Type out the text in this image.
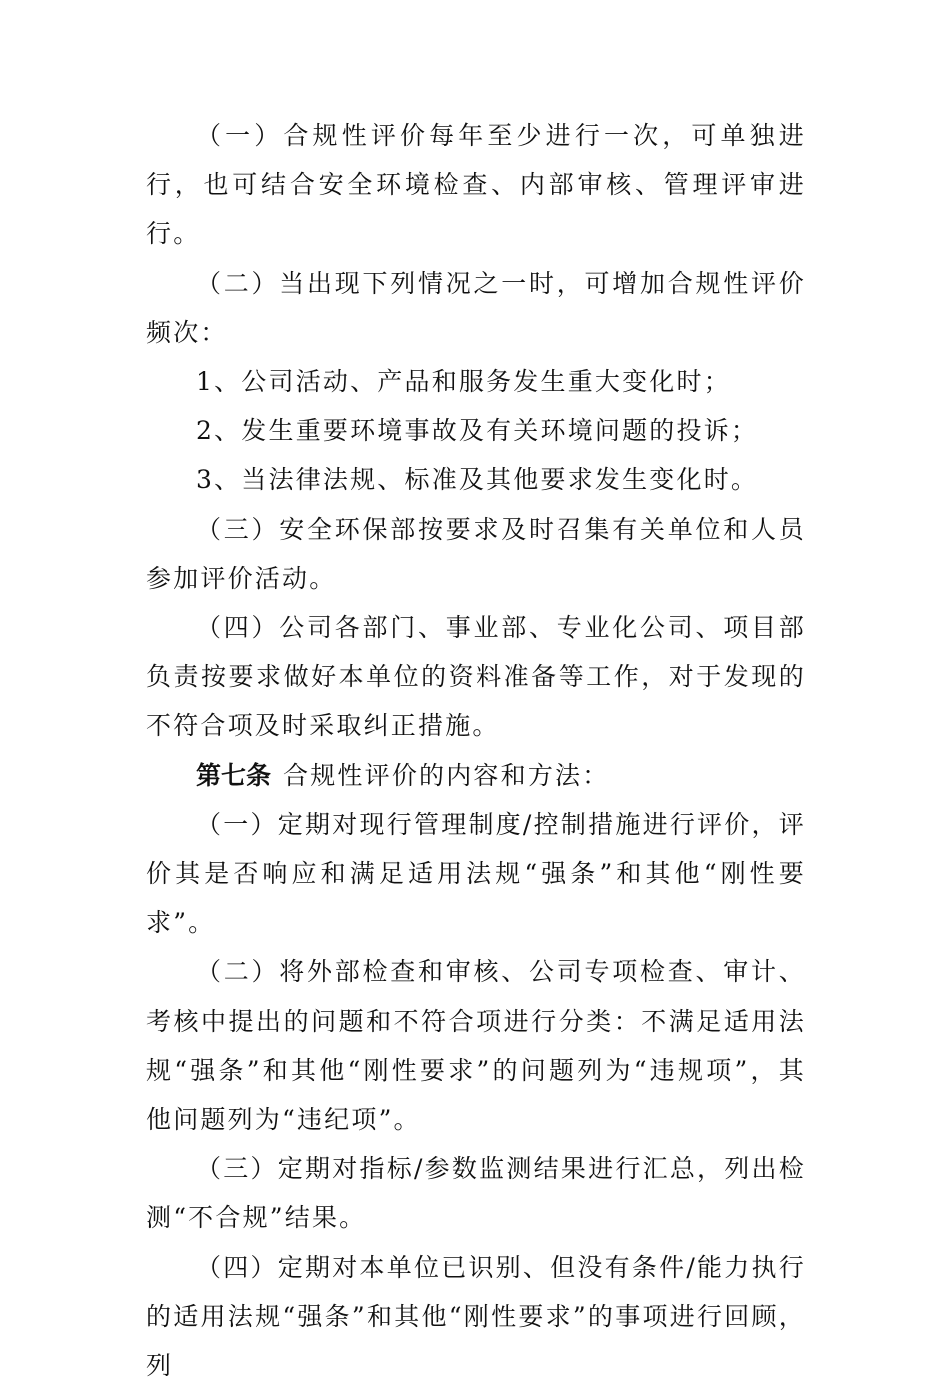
（一）合规性评价每年至少进行一次，可单独进行，也可结合安全环境检查、内部审核、管理评审进行。

（二）当出现下列情况之一时，可增加合规性评价频次：

1、公司活动、产品和服务发生重大变化时；

2、发生重要环境事故及有关环境问题的投诉；

3、当法律法规、标准及其他要求发生变化时。

（三）安全环保部按要求及时召集有关单位和人员参加评价活动。

（四）公司各部门、事业部、专业化公司、项目部负责按要求做好本单位的资料准备等工作，对于发现的不符合项及时采取纠正措施。

第七条 合规性评价的内容和方法：

（一）定期对现行管理制度/控制措施进行评价，评价其是否响应和满足适用法规“强条”和其他“刚性要求”。

（二）将外部检查和审核、公司专项检查、审计、考核中提出的问题和不符合项进行分类：不满足适用法规“强条”和其他“刚性要求”的问题列为“违规项”，其他问题列为“违纪项”。

（三）定期对指标/参数监测结果进行汇总，列出检测“不合规”结果。

（四）定期对本单位已识别、但没有条件/能力执行的适用法规“强条”和其他“刚性要求”的事项进行回顾，列
